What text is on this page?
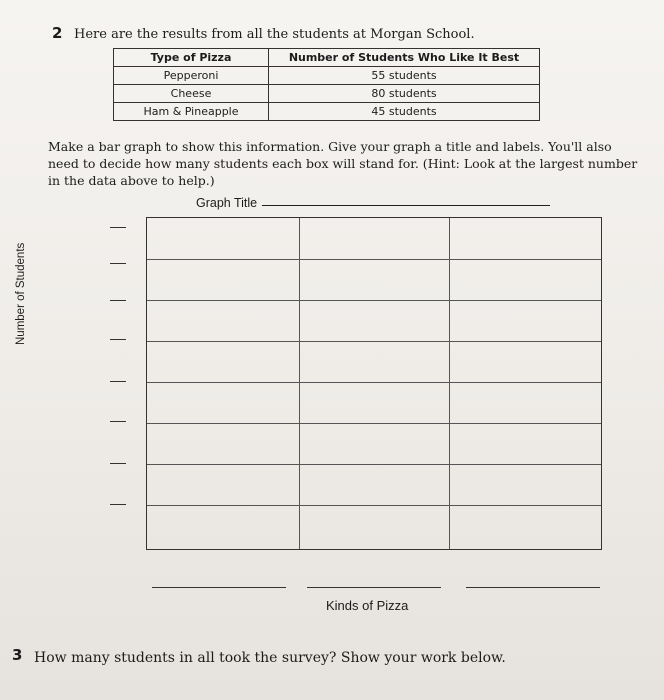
2 Here are the results from all the students at Morgan School.
Type of Pizza	Number of Students Who Like It Best
Pepperoni	55 students
Cheese	80 students
Ham & Pineapple	45 students
Make a bar graph to show this information. Give your graph a title and labels. You'll also need to decide how many students each box will stand for. (Hint: Look at the largest number in the data above to help.)
Graph Title
Number of Students
Kinds of Pizza
3 How many students in all took the survey? Show your work below.
